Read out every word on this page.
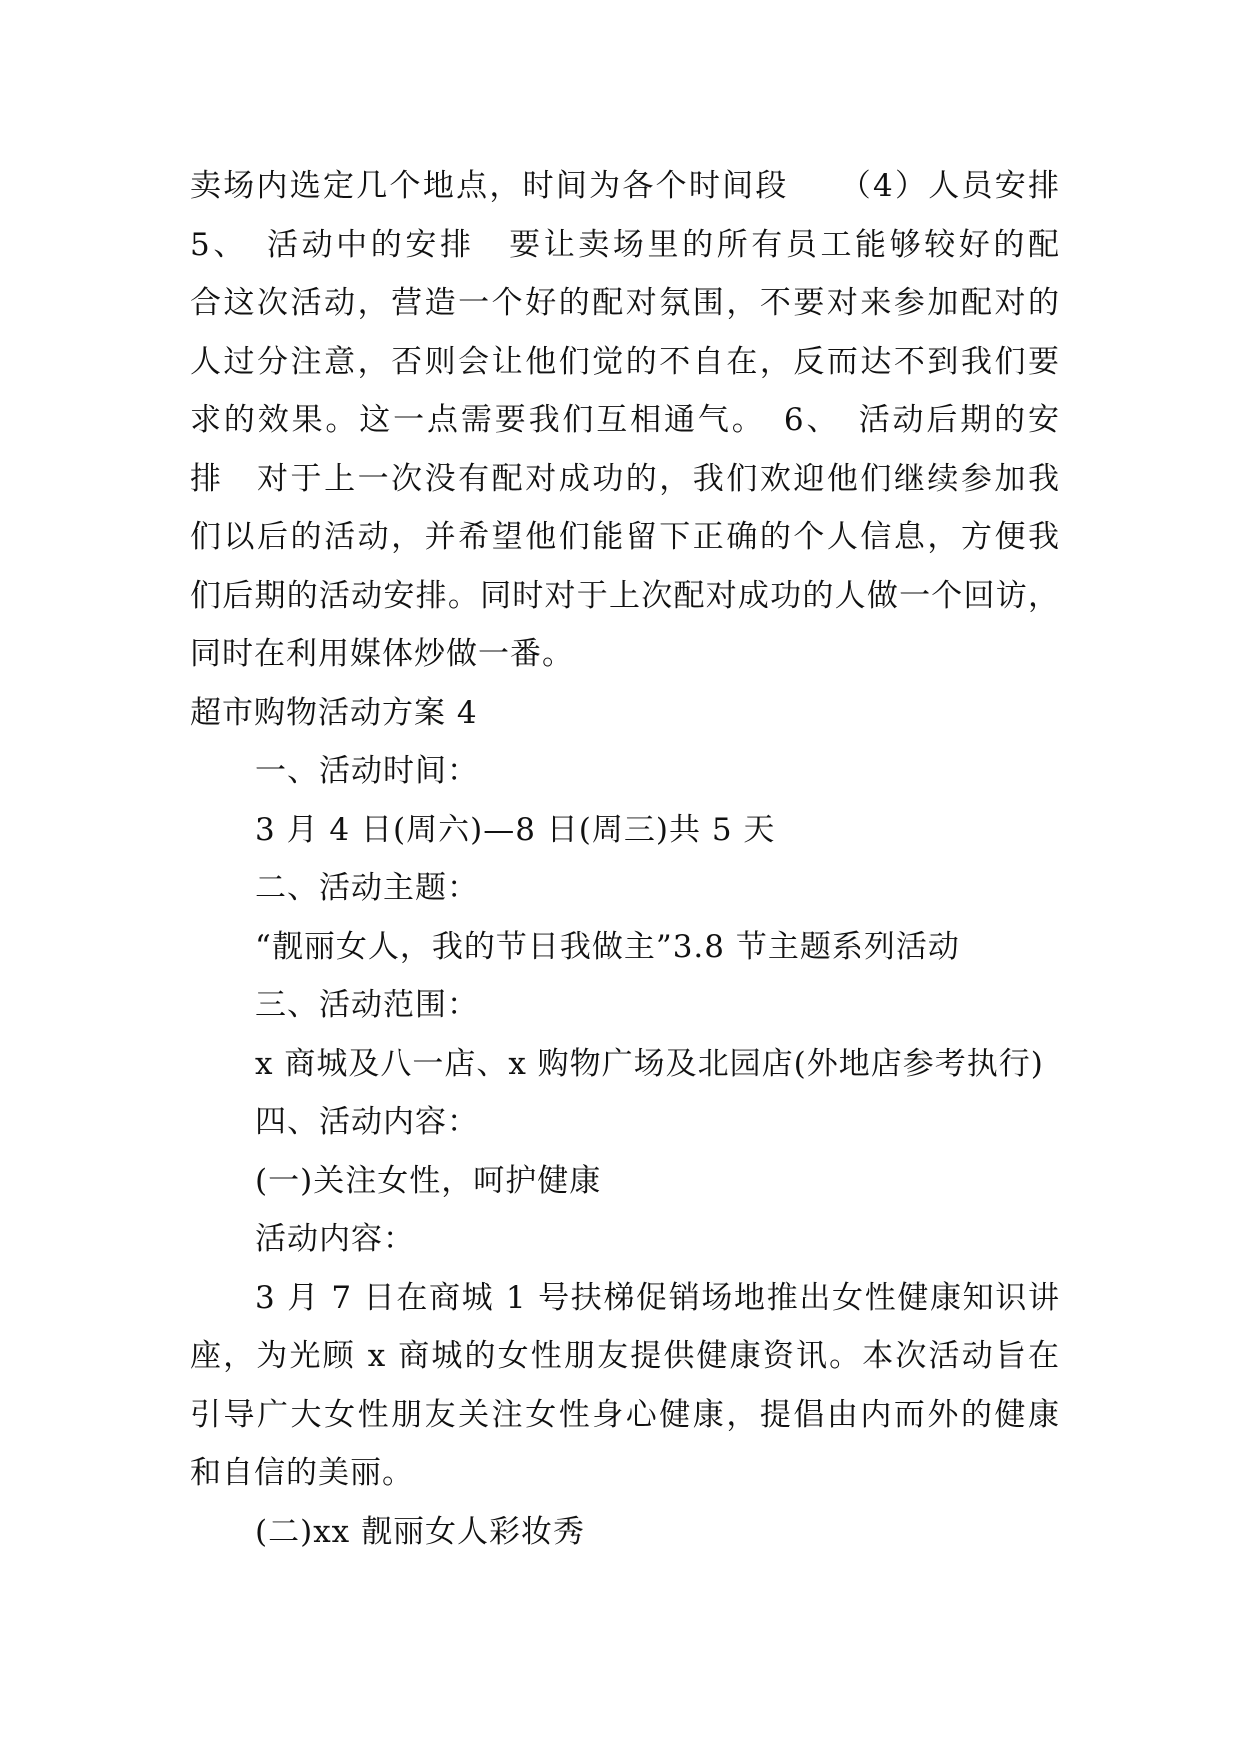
卖场内选定几个地点，时间为各个时间段　　（4）人员安排
5、　活动中的安排　要让卖场里的所有员工能够较好的配
合这次活动，营造一个好的配对氛围，不要对来参加配对的
人过分注意，否则会让他们觉的不自在，反而达不到我们要
求的效果。这一点需要我们互相通气。　6、　活动后期的安
排　对于上一次没有配对成功的，我们欢迎他们继续参加我
们以后的活动，并希望他们能留下正确的个人信息，方便我
们后期的活动安排。同时对于上次配对成功的人做一个回访，
同时在利用媒体炒做一番。
超市购物活动方案 4
一、活动时间：
3 月 4 日(周六)—8 日(周三)共 5 天
二、活动主题：
“靓丽女人，我的节日我做主”3.8 节主题系列活动
三、活动范围：
x 商城及八一店、x 购物广场及北园店(外地店参考执行)
四、活动内容：
(一)关注女性，呵护健康
活动内容：
3 月 7 日在商城 1 号扶梯促销场地推出女性健康知识讲
座，为光顾 x 商城的女性朋友提供健康资讯。本次活动旨在
引导广大女性朋友关注女性身心健康，提倡由内而外的健康
和自信的美丽。
(二)xx 靓丽女人彩妆秀
